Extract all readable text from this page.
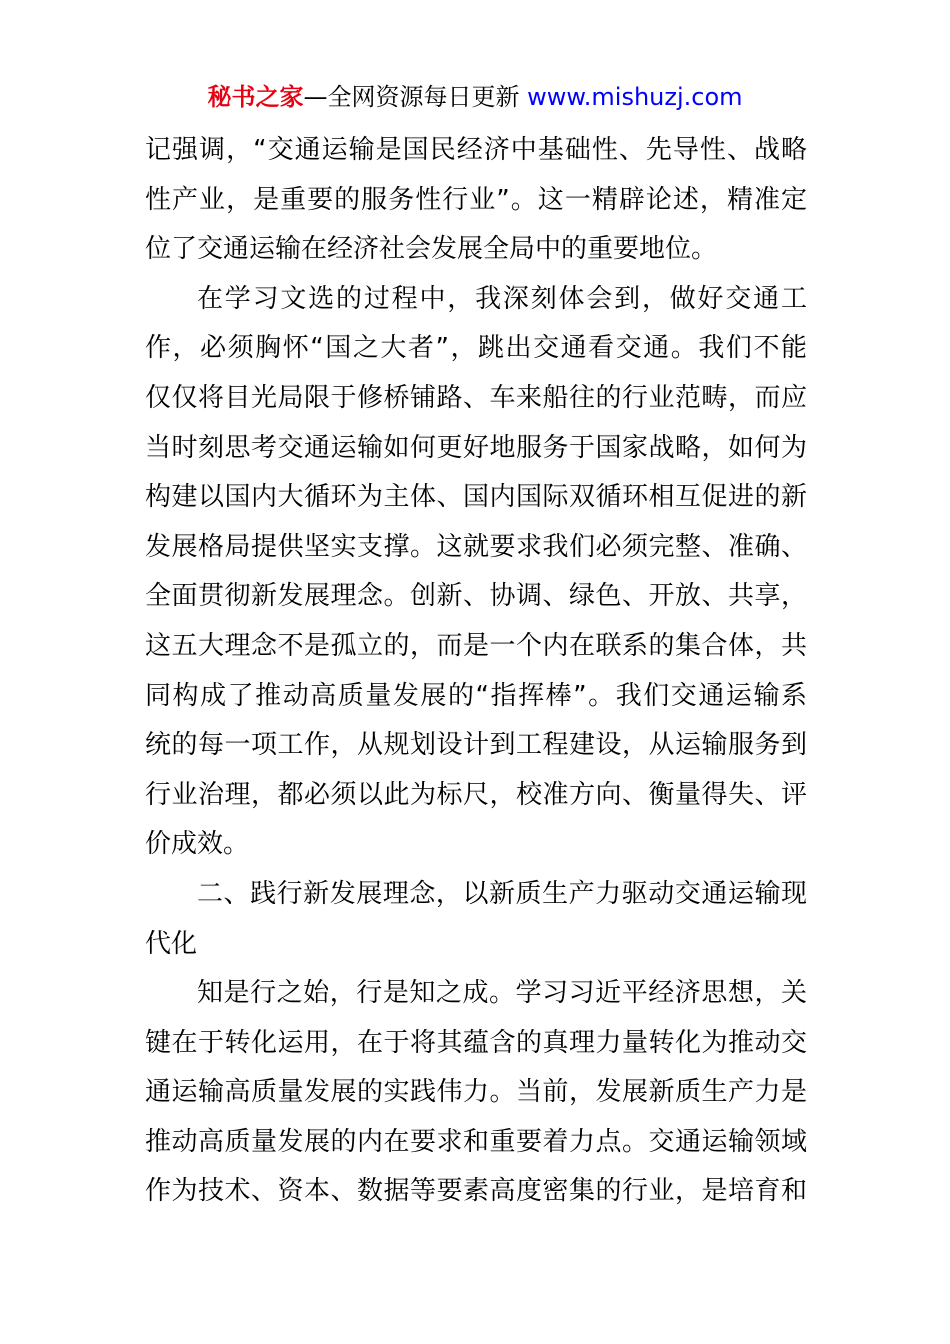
秘书之家—全网资源每日更新 www.mishuzj.com
记强调，“交通运输是国民经济中基础性、先导性、战略
性产业，是重要的服务性行业”。这一精辟论述，精准定
位了交通运输在经济社会发展全局中的重要地位。
在学习文选的过程中，我深刻体会到，做好交通工
作，必须胸怀“国之大者”，跳出交通看交通。我们不能
仅仅将目光局限于修桥铺路、车来船往的行业范畴，而应
当时刻思考交通运输如何更好地服务于国家战略，如何为
构建以国内大循环为主体、国内国际双循环相互促进的新
发展格局提供坚实支撑。这就要求我们必须完整、准确、
全面贯彻新发展理念。创新、协调、绿色、开放、共享，
这五大理念不是孤立的，而是一个内在联系的集合体，共
同构成了推动高质量发展的“指挥棒”。我们交通运输系
统的每一项工作，从规划设计到工程建设，从运输服务到
行业治理，都必须以此为标尺，校准方向、衡量得失、评
价成效。
二、践行新发展理念，以新质生产力驱动交通运输现
代化
知是行之始，行是知之成。学习习近平经济思想，关
键在于转化运用，在于将其蕴含的真理力量转化为推动交
通运输高质量发展的实践伟力。当前，发展新质生产力是
推动高质量发展的内在要求和重要着力点。交通运输领域
作为技术、资本、数据等要素高度密集的行业，是培育和
